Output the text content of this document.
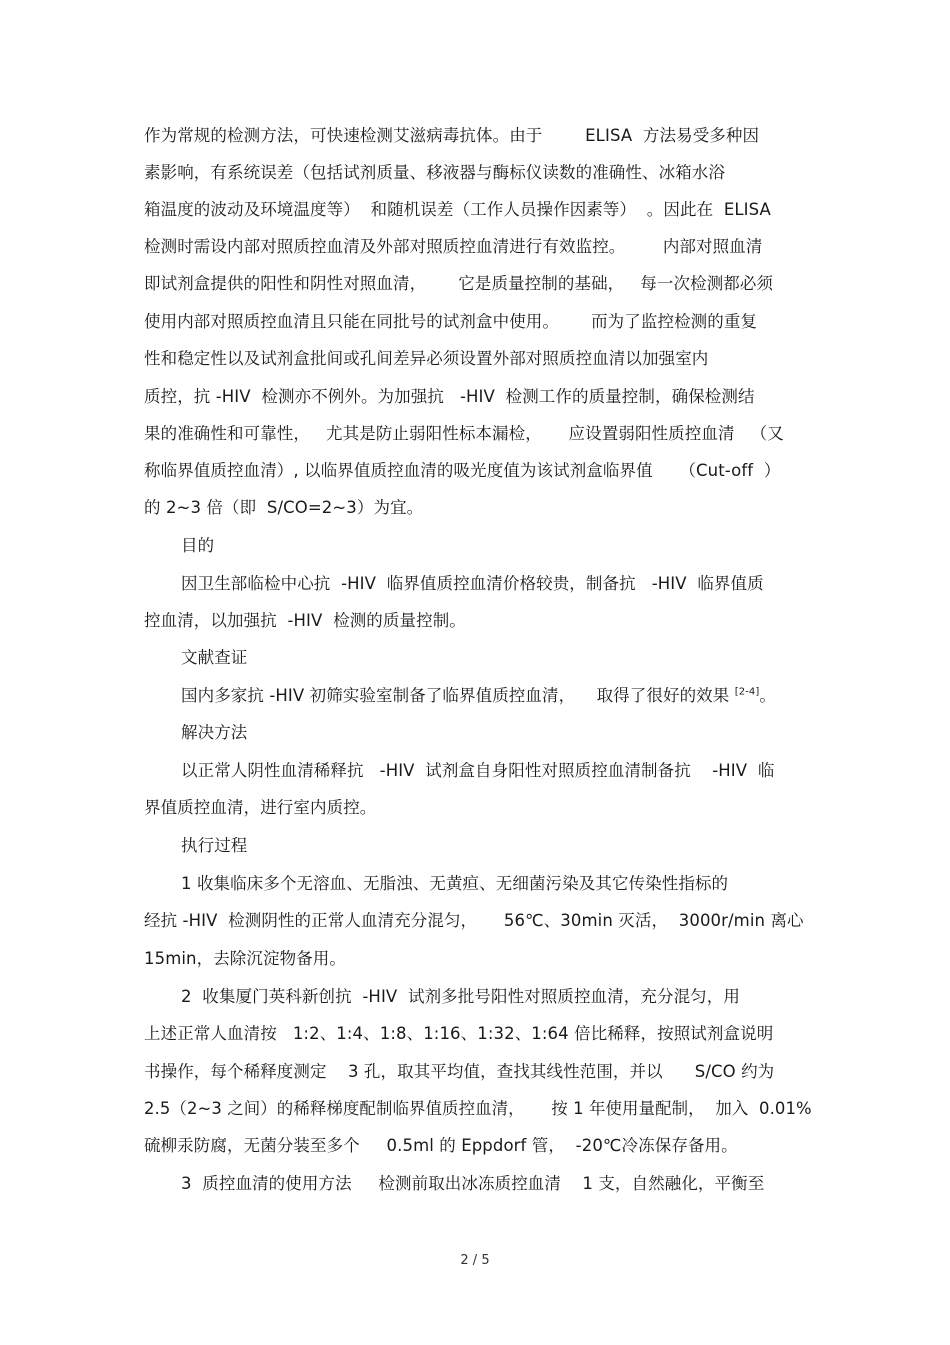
作为常规的检测方法，可快速检测艾滋病毒抗体。由于        ELISA  方法易受多种因
素影响，有系统误差（包括试剂质量、移液器与酶标仪读数的准确性、冰箱水浴
箱温度的波动及环境温度等）  和随机误差（工作人员操作因素等）  。因此在  ELISA
检测时需设内部对照质控血清及外部对照质控血清进行有效监控。       内部对照血清
即试剂盒提供的阳性和阴性对照血清，      它是质量控制的基础，   每一次检测都必须
使用内部对照质控血清且只能在同批号的试剂盒中使用。      而为了监控检测的重复
性和稳定性以及试剂盒批间或孔间差异必须设置外部对照质控血清以加强室内
质控，抗 -HIV  检测亦不例外。为加强抗   -HIV  检测工作的质量控制，确保检测结
果的准确性和可靠性，   尤其是防止弱阳性标本漏检，     应设置弱阳性质控血清   （又
称临界值质控血清）, 以临界值质控血清的吸光度值为该试剂盒临界值     （Cut-off  ）
的 2~3 倍（即  S/CO=2~3）为宜。
目的
因卫生部临检中心抗  -HIV  临界值质控血清价格较贵，制备抗   -HIV  临界值质
控血清，以加强抗  -HIV  检测的质量控制。
文献查证
国内多家抗 -HIV 初筛实验室制备了临界值质控血清，    取得了很好的效果 [2-4]。
解决方法
以正常人阴性血清稀释抗   -HIV  试剂盒自身阳性对照质控血清制备抗    -HIV  临
界值质控血清，进行室内质控。
执行过程
1 收集临床多个无溶血、无脂浊、无黄疸、无细菌污染及其它传染性指标的
经抗 -HIV  检测阴性的正常人血清充分混匀，     56℃、30min 灭活，  3000r/min 离心
15min，去除沉淀物备用。
2  收集厦门英科新创抗  -HIV  试剂多批号阳性对照质控血清，充分混匀，用
上述正常人血清按   1:2、1:4、1:8、1:16、1:32、1:64 倍比稀释，按照试剂盒说明
书操作，每个稀释度测定    3 孔，取其平均值，查找其线性范围，并以      S/CO 约为
2.5（2~3 之间）的稀释梯度配制临界值质控血清，     按 1 年使用量配制，  加入  0.01%
硫柳汞防腐，无菌分装至多个     0.5ml 的 Eppdorf 管，  -20℃冷冻保存备用。
3  质控血清的使用方法     检测前取出冰冻质控血清    1 支，自然融化，平衡至
2 / 5
